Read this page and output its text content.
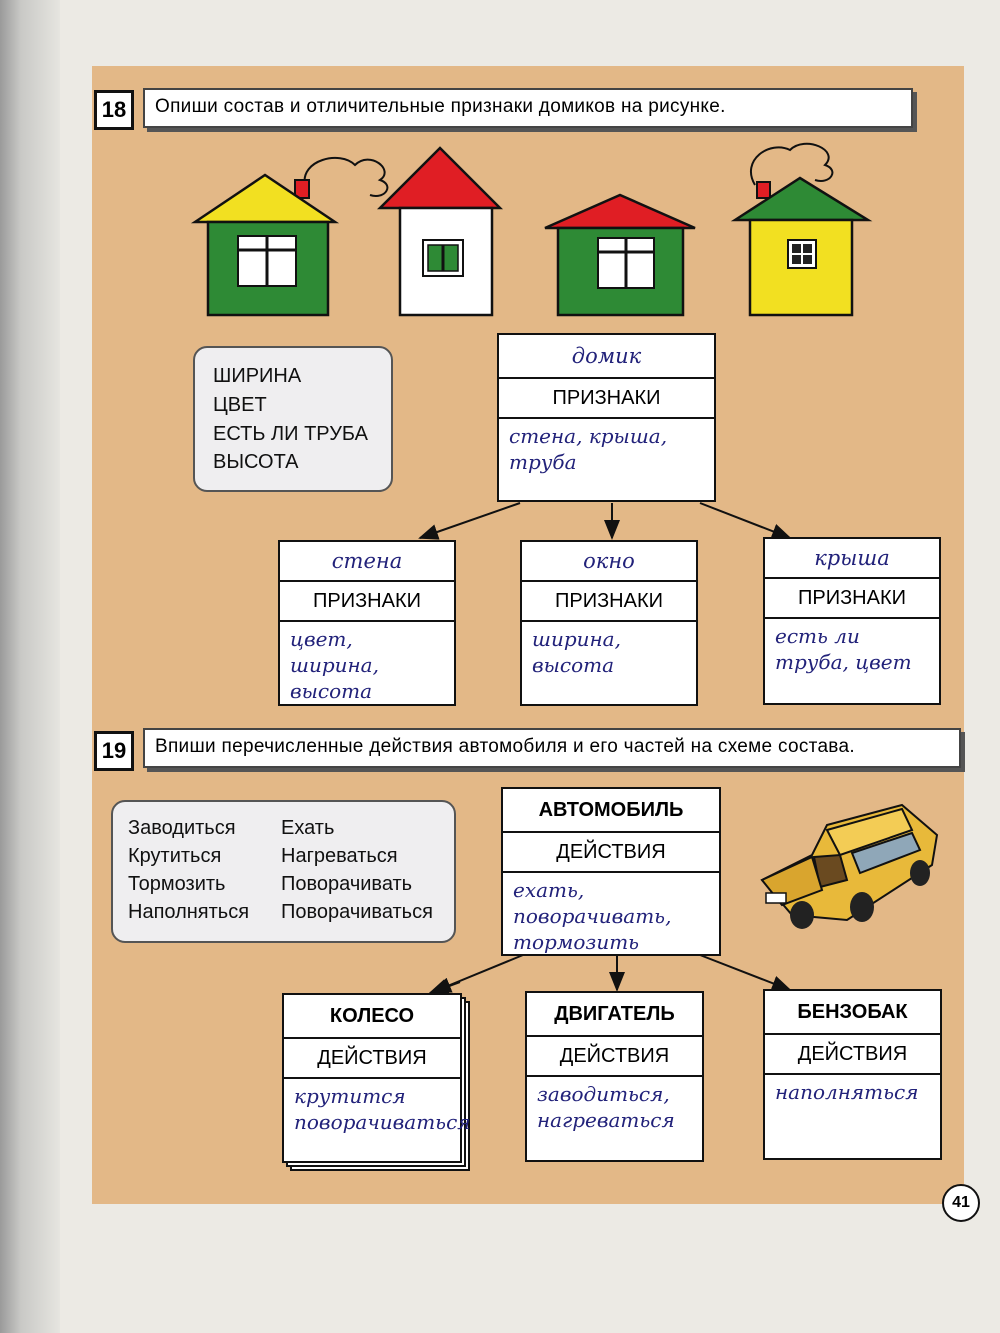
18	Опиши состав и отличительные признаки домиков на рисунке.
ШИРИНА
ЦВЕТ
ЕСТЬ ЛИ ТРУБА
ВЫСОТА
домик
ПРИЗНАКИ
стена, крыша, труба
стена
ПРИЗНАКИ
цвет, ширина, высота
окно
ПРИЗНАКИ
ширина, высота
крыша
ПРИЗНАКИ
есть ли труба, цвет
19	Впиши перечисленные действия автомобиля и его частей на схеме состава.
Заводиться
Крутиться
Тормозить
Наполняться
Ехать
Нагреваться
Поворачивать
Поворачиваться
АВТОМОБИЛЬ
ДЕЙСТВИЯ
ехать, поворачивать, тормозить
КОЛЕСО
ДЕЙСТВИЯ
крутится поворачиваться
ДВИГАТЕЛЬ
ДЕЙСТВИЯ
заводиться, нагреваться
БЕНЗОБАК
ДЕЙСТВИЯ
наполняться
41
